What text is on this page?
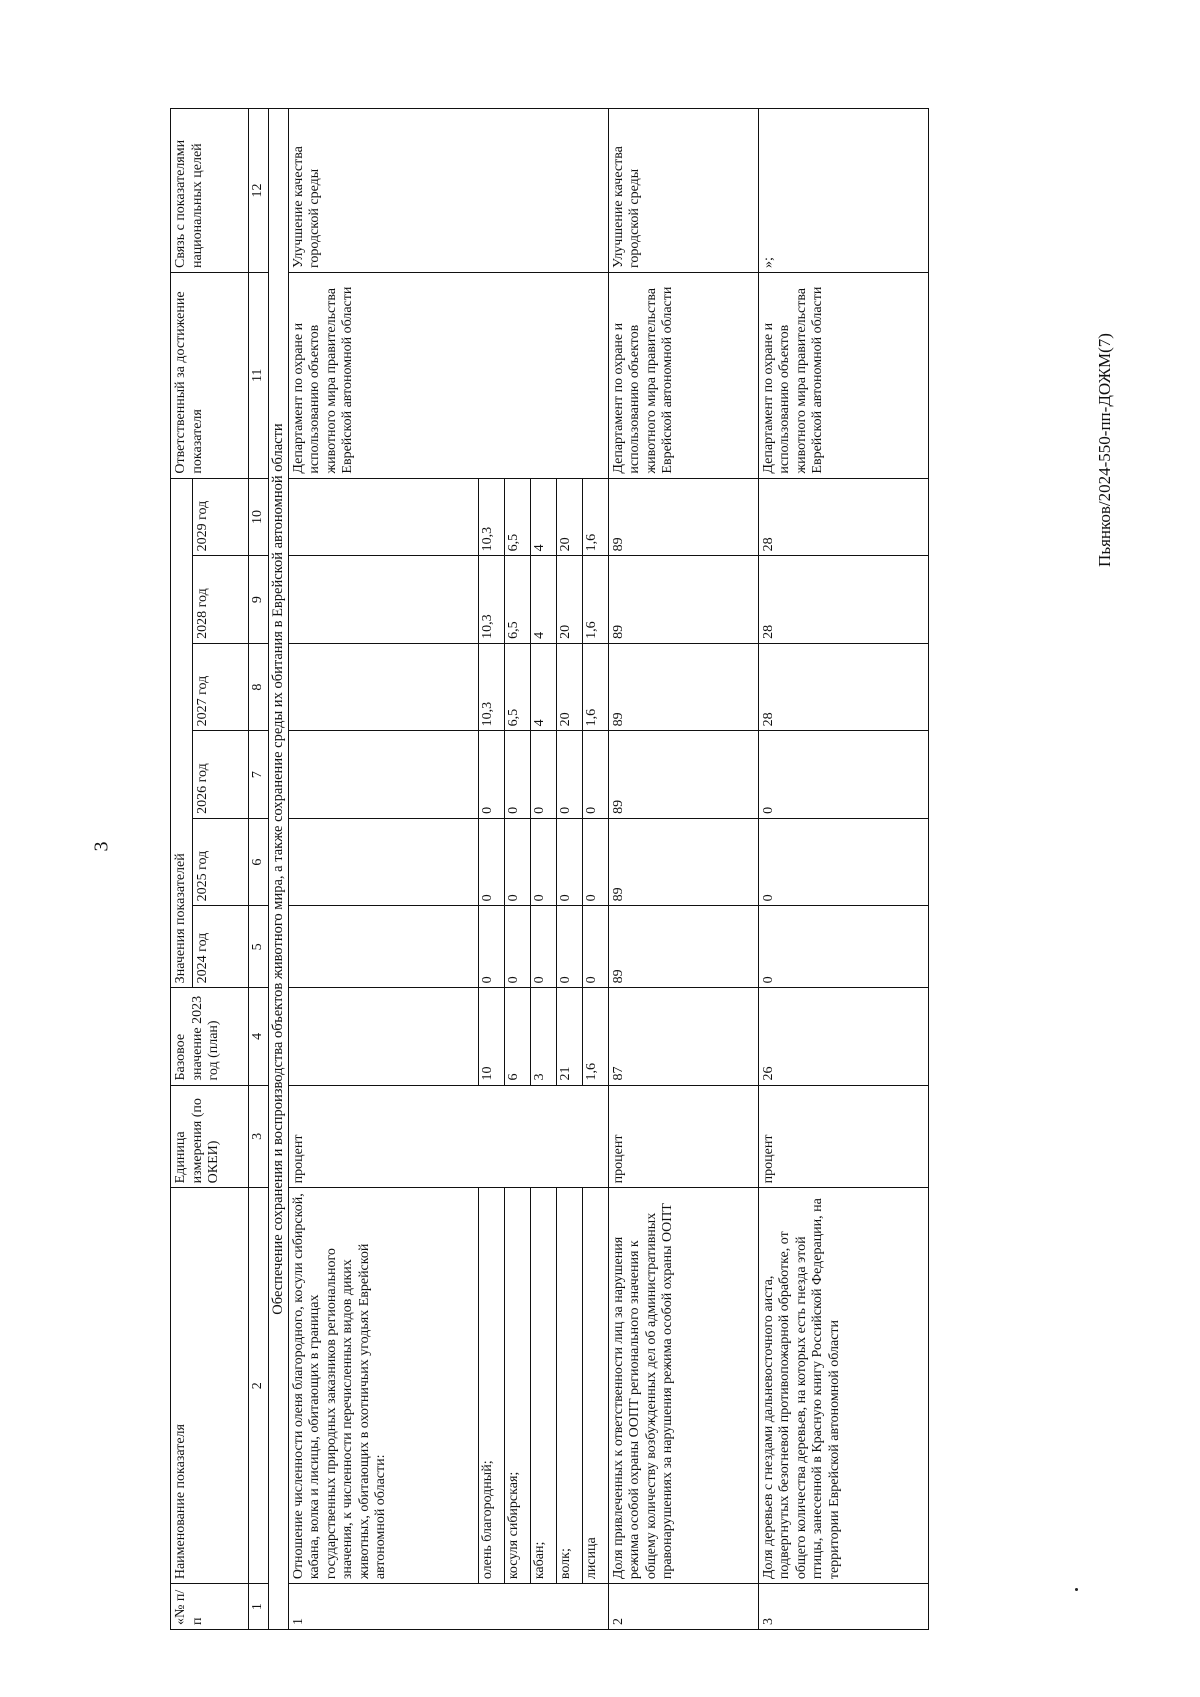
3
Пьянков/2024-550-пп-ДОЖМ(7)
«№ п/п	Наименование показателя	Единица измерения (по ОКЕИ)	Базовое значение 2023 год (план)	Значения показателей						Ответственный за достижение показателя	Связь с показателями национальных целей
				2024 год	2025 год	2026 год	2027 год	2028 год	2029 год		
1	2	3	4	5	6	7	8	9	10	11	12
Обеспечение сохранения и воспроизводства объектов животного мира, а также сохранение среды их обитания в Еврейской автономной области											
1	Отношение численности оленя благородного, косули сибирской, кабана, волка и лисицы, обитающих в границах государственных природных заказников регионального значения, к численности перечисленных видов диких животных, обитающих в охотничьих угодьях Еврейской автономной области:	процент								Департамент по охране и использованию объектов животного мира правительства Еврейской автономной области	Улучшение качества городской среды
	олень благородный;		10	0	0	0	10,3	10,3	10,3		
	косуля сибирская;		6	0	0	0	6,5	6,5	6,5		
	кабан;		3	0	0	0	4	4	4		
	волк;		21	0	0	0	20	20	20		
	лисица		1,6	0	0	0	1,6	1,6	1,6		
2	Доля привлеченных к ответственности лиц за нарушения режима особой охраны ООПТ регионального значения к общему количеству возбужденных дел об административных правонарушениях за нарушения режима особой охраны ООПТ	процент	87	89	89	89	89	89	89	Департамент по охране и использованию объектов животного мира правительства Еврейской автономной области	Улучшение качества городской среды
3	Доля деревьев с гнездами дальневосточного аиста, подвергнутых безогневой противопожарной обработке, от общего количества деревьев, на которых есть гнезда этой птицы, занесенной в Красную книгу Российской Федерации, на территории Еврейской автономной области	процент	26	0	0	0	28	28	28	Департамент по охране и использованию объектов животного мира правительства Еврейской автономной области	»;
